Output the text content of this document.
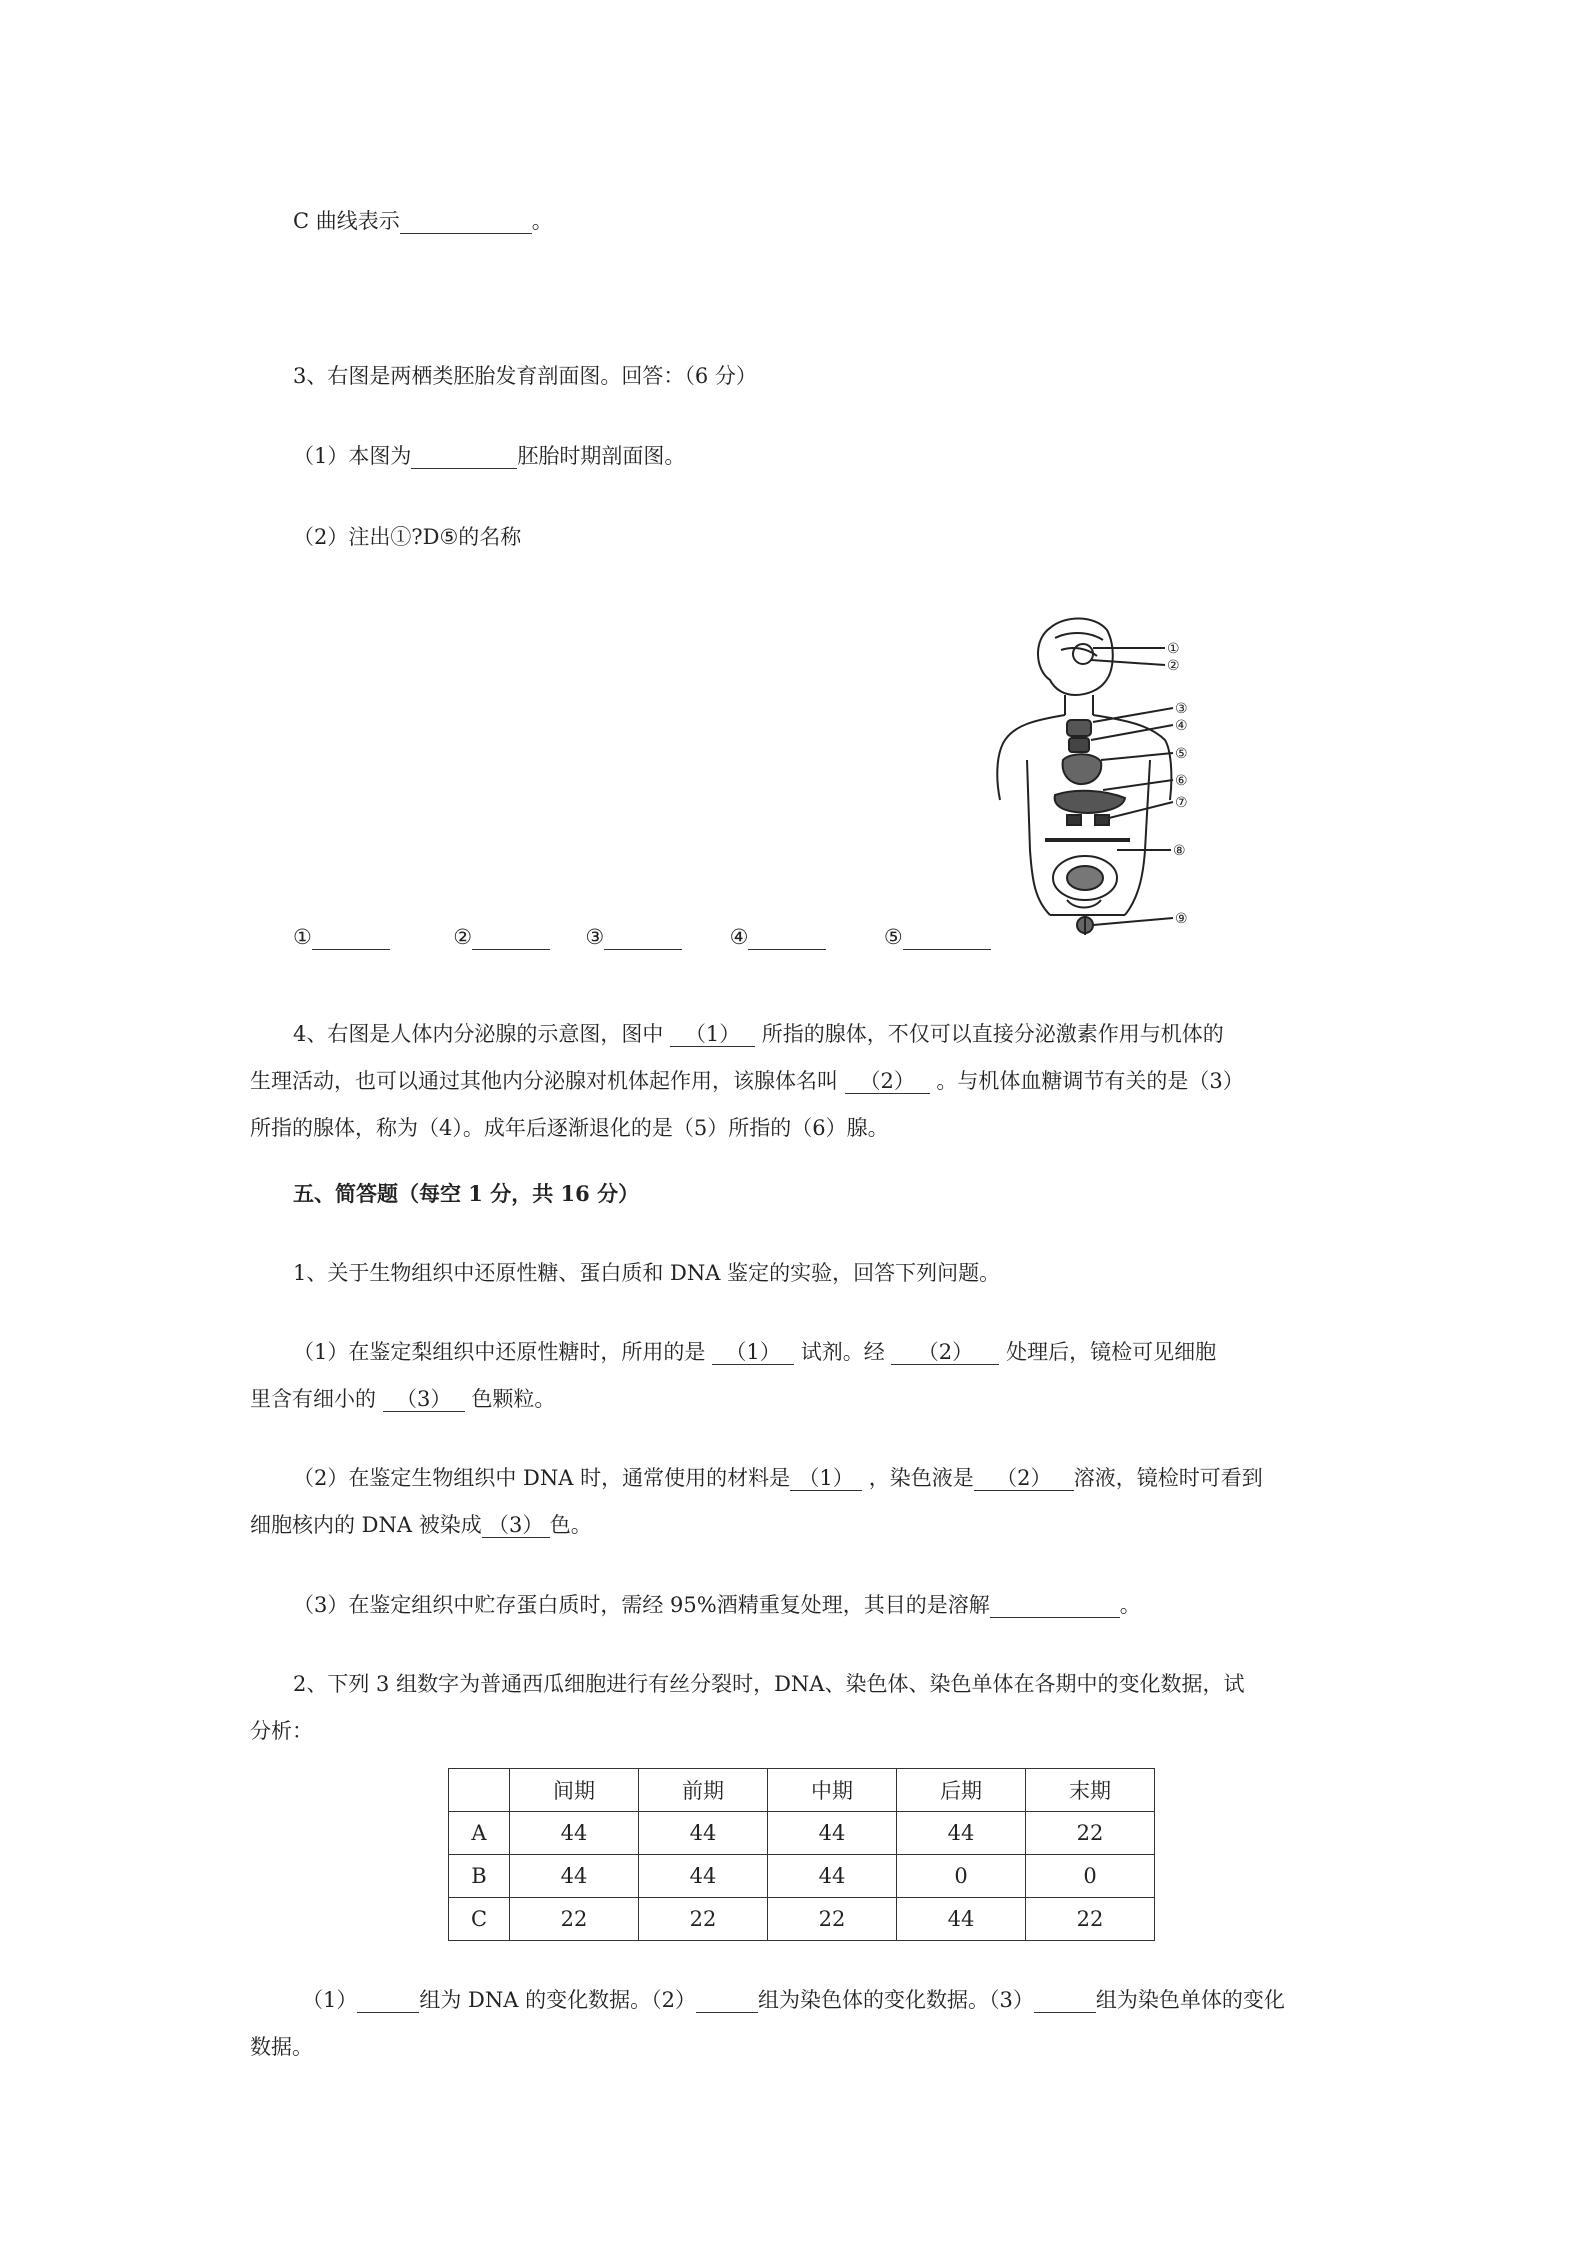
C 曲线表示	。
3、右图是两栖类胚胎发育剖面图。回答：（6 分）
（1）本图为	胚胎时期剖面图。
（2）注出①?D⑤的名称
①	②	③	④	⑤
①
②
③
④
⑤
⑥
⑦
⑧
⑨
4、右图是人体内分泌腺的示意图，图中 （1） 所指的腺体，不仅可以直接分泌激素作用与机体的
生理活动，也可以通过其他内分泌腺对机体起作用，该腺体名叫 （2） 。与机体血糖调节有关的是（3）
所指的腺体，称为（4）。成年后逐渐退化的是（5）所指的（6）腺。
五、简答题（每空 1 分，共 16 分）
1、关于生物组织中还原性糖、蛋白质和 DNA 鉴定的实验，回答下列问题。
（1）在鉴定梨组织中还原性糖时，所用的是 （1） 试剂。经 （2） 处理后，镜检可见细胞
里含有细小的 （3） 色颗粒。
（2）在鉴定生物组织中 DNA 时，通常使用的材料是 （1） ，染色液是 （2） 溶液，镜检时可看到
细胞核内的 DNA 被染成 （3） 色。
（3）在鉴定组织中贮存蛋白质时，需经 95%酒精重复处理，其目的是溶解	。
2、下列 3 组数字为普通西瓜细胞进行有丝分裂时，DNA、染色体、染色单体在各期中的变化数据，试
分析：
	间期	前期	中期	后期	末期
A	44	44	44	44	22
B	44	44	44	0	0
C	22	22	22	44	22
（1）	组为 DNA 的变化数据。（2）	组为染色体的变化数据。（3）	组为染色单体的变化
数据。
